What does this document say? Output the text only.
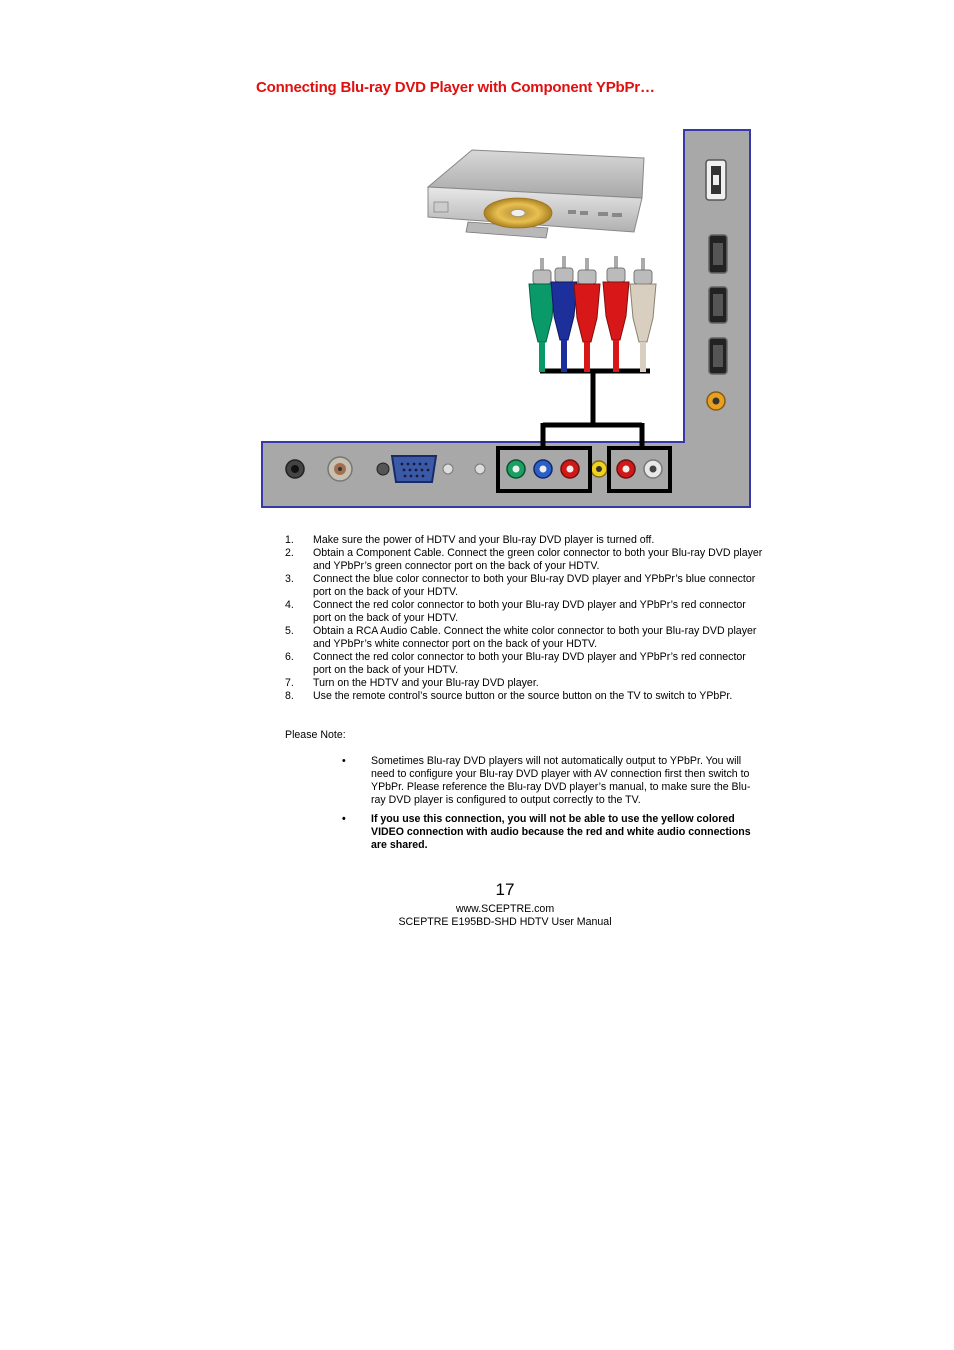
Connecting Blu-ray DVD Player with Component YPbPr…
1. Make sure the power of HDTV and your Blu-ray DVD player is turned off.
2. Obtain a Component Cable. Connect the green color connector to both your Blu-ray DVD player and YPbPr’s green connector port on the back of your HDTV.
3. Connect the blue color connector to both your Blu-ray DVD player and YPbPr’s blue connector port on the back of your HDTV.
4. Connect the red color connector to both your Blu-ray DVD player and YPbPr’s red connector port on the back of your HDTV.
5. Obtain a RCA Audio Cable. Connect the white color connector to both your Blu-ray DVD player and YPbPr’s white connector port on the back of your HDTV.
6. Connect the red color connector to both your Blu-ray DVD player and YPbPr’s red connector port on the back of your HDTV.
7. Turn on the HDTV and your Blu-ray DVD player.
8. Use the remote control’s source button or the source button on the TV to switch to YPbPr.
Please Note:
• Sometimes Blu-ray DVD players will not automatically output to YPbPr. You will need to configure your Blu-ray DVD player with AV connection first then switch to YPbPr. Please reference the Blu-ray DVD player’s manual, to make sure the Blu-ray DVD player is configured to output correctly to the TV.
• If you use this connection, you will not be able to use the yellow colored VIDEO connection with audio because the red and white audio connections are shared.
17
www.SCEPTRE.com
SCEPTRE E195BD-SHD HDTV User Manual
